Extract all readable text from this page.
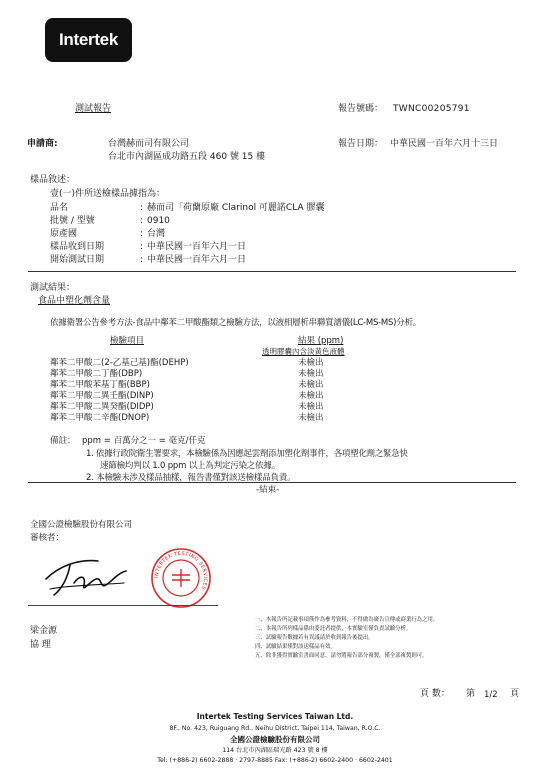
Intertek
測試報告	報告號碼： TWNC00205791
申請商:	台灣赫而司有限公司
台北市內湖區成功路五段 460 號 15 樓
報告日期： 中華民國一百年六月十三日
樣品敘述：
壹(一)件所送檢樣品據指為：
品名	: 赫而司「荷蘭原廠 Clarinol 可麗諾CLA 膠囊
批號 / 型號	: 0910
原產國	: 台灣
樣品收到日期	: 中華民國一百年六月一日
開始測試日期	: 中華民國一百年六月一日
測試結果：
食品中塑化劑含量
依據衛署公告參考方法-食品中鄰苯二甲酸酯類之檢驗方法，以液相層析串聯質譜儀(LC-MS-MS)分析。
檢驗項目	結果 (ppm)
透明膠囊內含淡黃色液體
鄰苯二甲酸二(2-乙基己基)酯(DEHP)	未檢出
鄰苯二甲酸二丁酯(DBP)	未檢出
鄰苯二甲酸苯基丁酯(BBP)	未檢出
鄰苯二甲酸二異壬酯(DINP)	未檢出
鄰苯二甲酸二異癸酯(DIDP)	未檢出
鄰苯二甲酸二辛酯(DNOP)	未檢出
備註： ppm = 百萬分之一 = 毫克/仟克
1. 依據行政院衛生署要求，本檢驗係為因應起雲劑添加塑化劑事件，各項塑化劑之緊急快
速篩檢均判以 1.0 ppm 以上為判定污染之依據。
2. 本檢驗未涉及樣品抽樣，報告書僅對該送檢樣品負責。
-結束-
全國公證檢驗股份有限公司
審核者：
INTERTEK TESTING SERVICES
梁金源
協 理
一、本報告所記載事項僅作為參考資料，不得做為廣告宣傳或商業行為之用。
二、本報告所列樣品係由委託者提供，本實驗室僅負責試驗分析。
三、試驗報告數據若有異議請於收到報告後提出。
四、試驗結果僅對該送樣品有效。
五、除非獲得實驗室書面同意，請勿將報告部分複製，僅全部複製則可。
頁 數： 第 1/2 頁
Intertek Testing Services Taiwan Ltd.
8F., No. 423, Ruiguang Rd., Neihu District, Taipei 114, Taiwan, R.O.C.
全國公證檢驗股份有限公司
114 台北市內湖區瑞光路 423 號 8 樓
Tel: (+886-2) 6602-2888 · 2797-8885 Fax: (+886-2) 6602-2400 · 6602-2401
